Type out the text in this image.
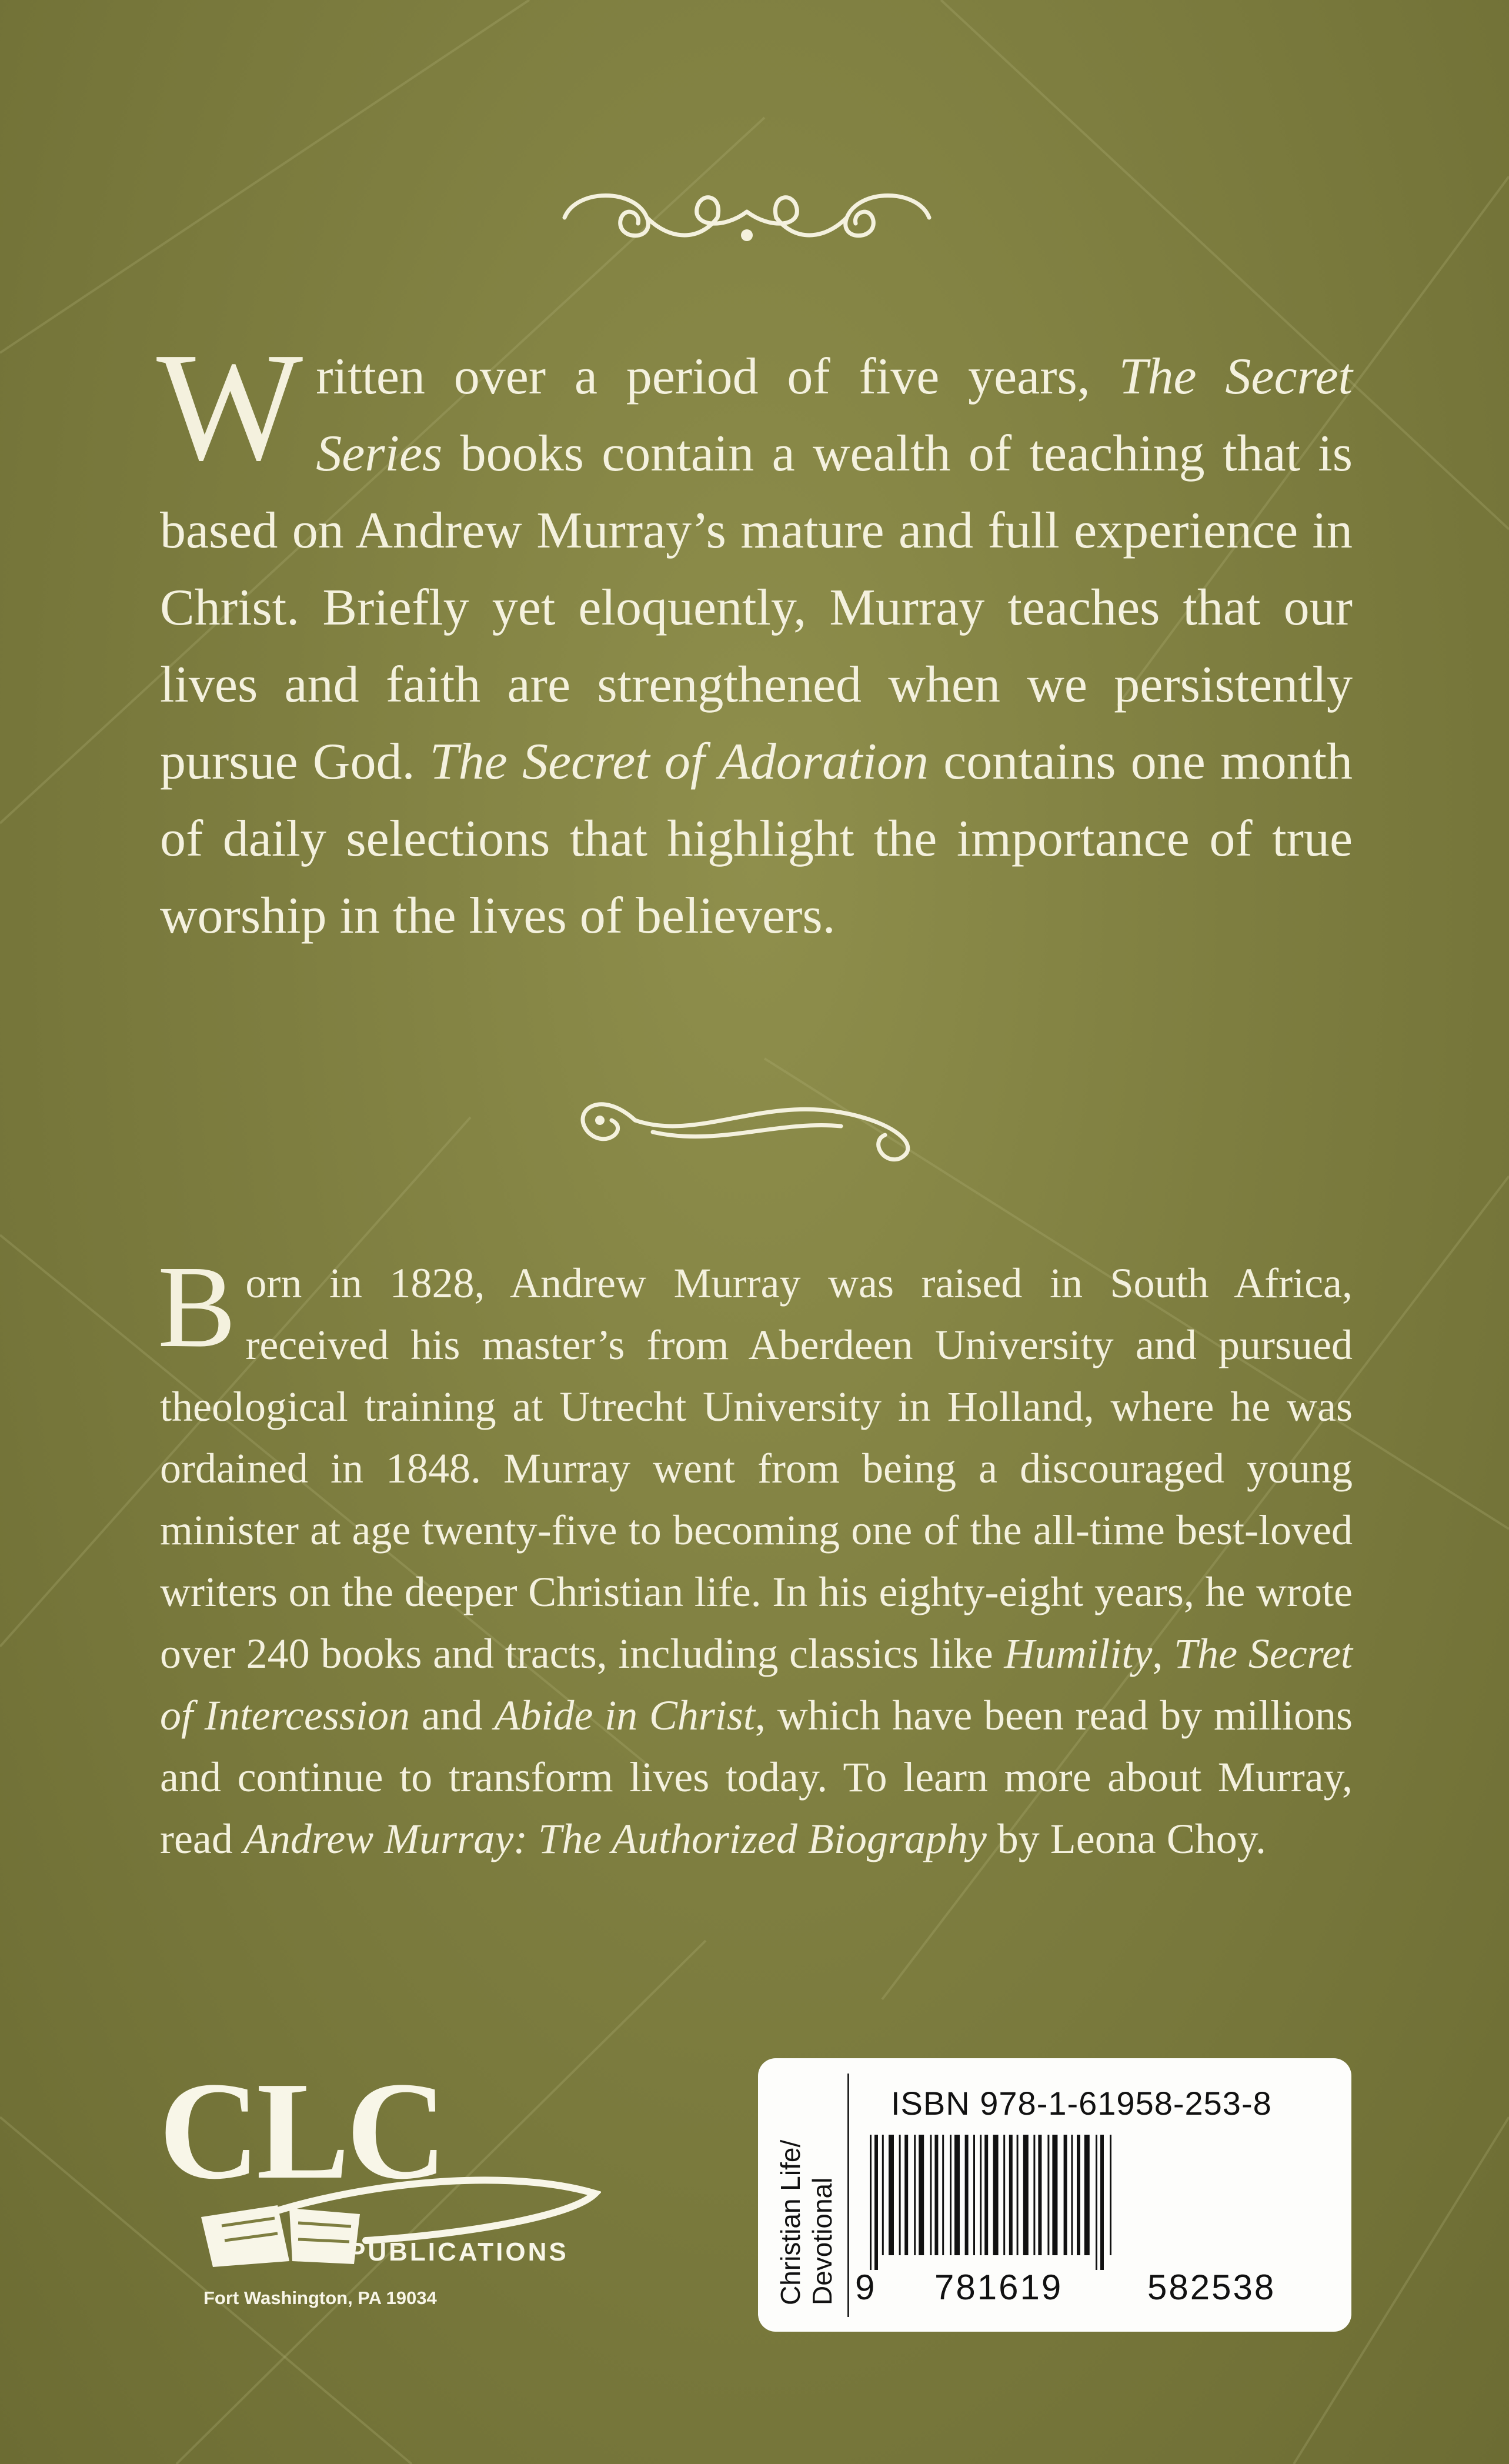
Written over a period of five years, The Secret Series books contain a wealth of teaching that is based on Andrew Murray’s mature and full experience in Christ. Briefly yet eloquently, Murray teaches that our lives and faith are strengthened when we persistently pursue God. The Secret of Adoration contains one month of daily selections that highlight the importance of true worship in the lives of believers.

Born in 1828, Andrew Murray was raised in South Africa, received his master’s from Aberdeen University and pursued theological training at Utrecht University in Holland, where he was ordained in 1848. Murray went from being a discouraged young minister at age twenty-five to becoming one of the all-time best-loved writers on the deeper Christian life. In his eighty-eight years, he wrote over 240 books and tracts, including classics like Humility, The Secret of Intercession and Abide in Christ, which have been read by millions and continue to transform lives today. To learn more about Murray, read Andrew Murray: The Authorized Biography by Leona Choy.

CLC
PUBLICATIONS
Fort Washington, PA 19034	Christian Life/
Devotional
ISBN 978-1-61958-253-8
9 781619 582538
